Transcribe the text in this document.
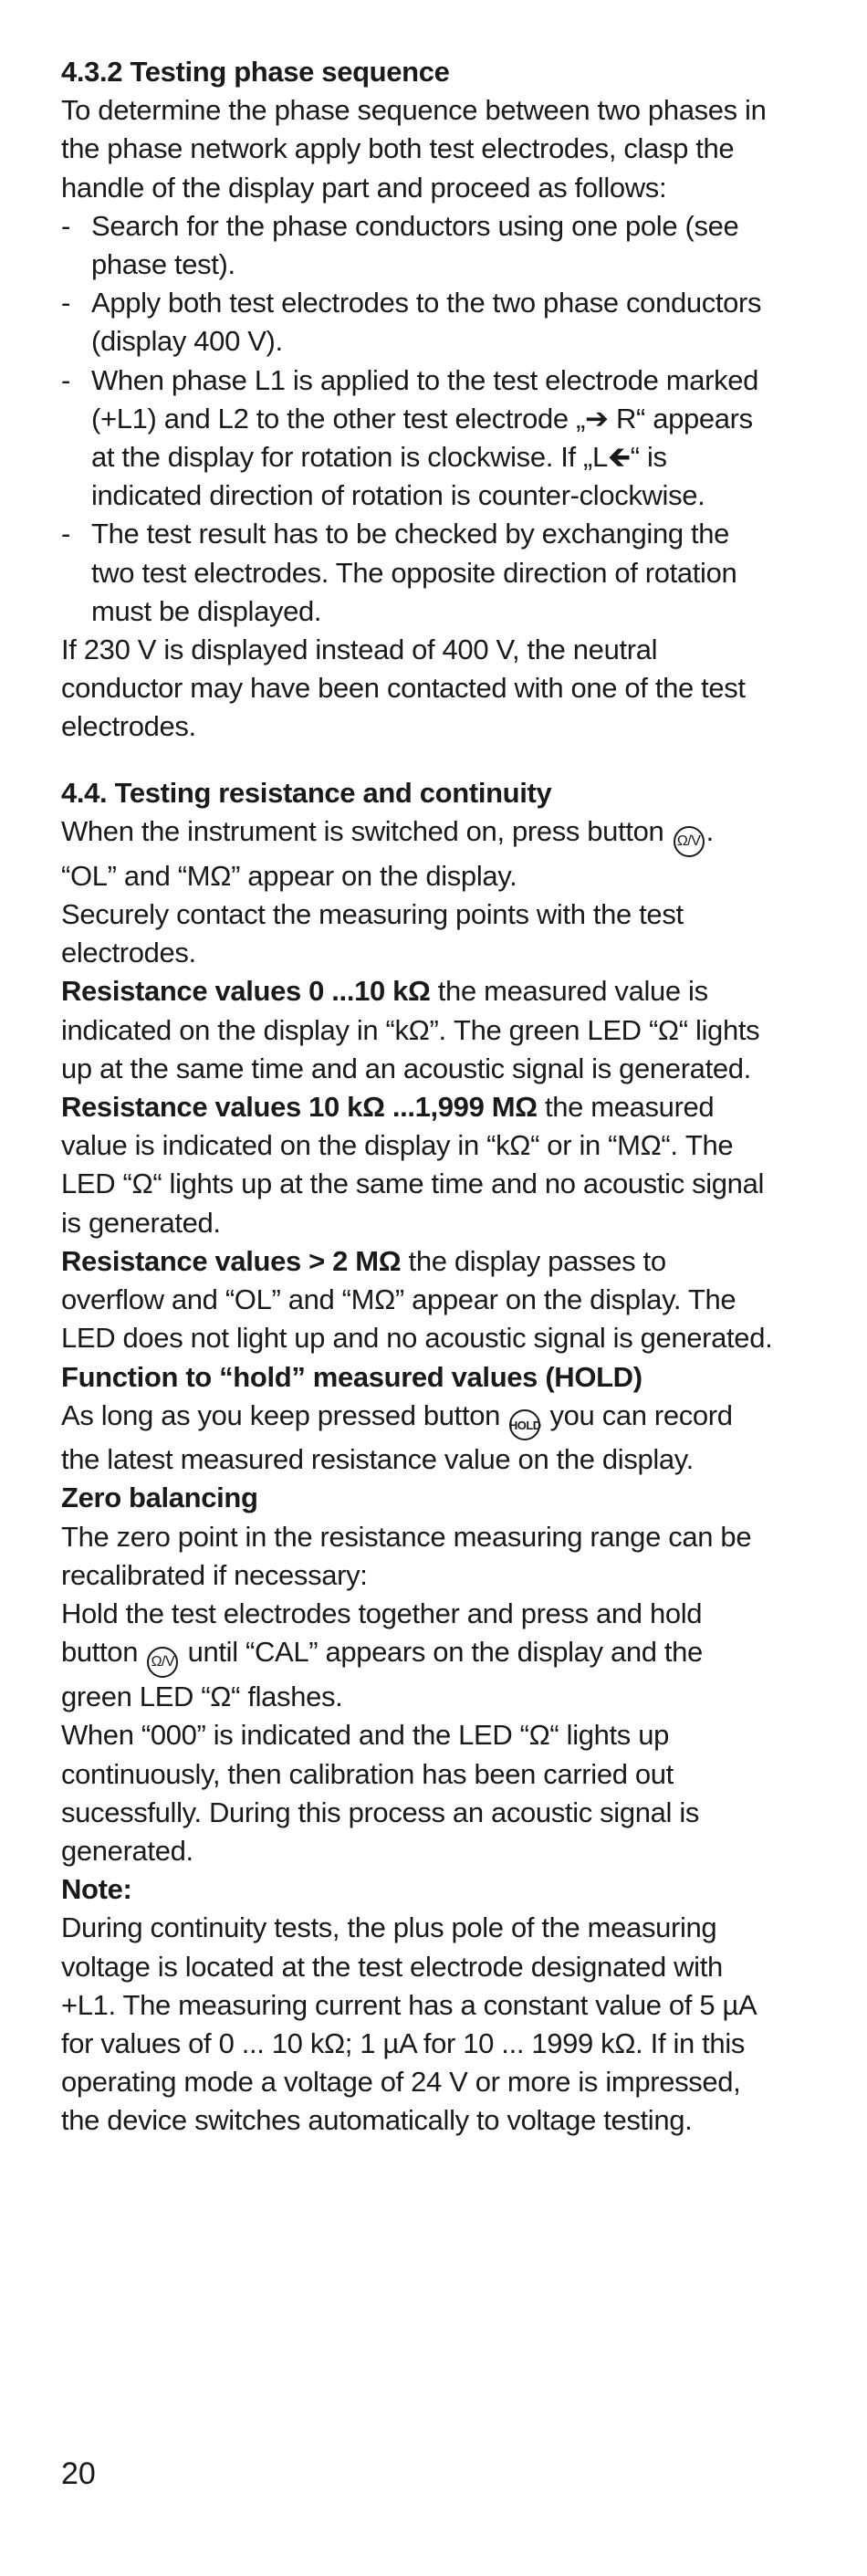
4.3.2 Testing phase sequence
To determine the phase sequence between two phases in the phase network apply both test electrodes, clasp the handle of the display part and proceed as follows:
- Search for the phase conductors using one pole (see phase test).
- Apply both test electrodes to the two phase conductors (display 400 V).
- When phase L1 is applied to the test electrode marked (+L1) and L2 to the other test electrode „➔ R“ appears at the display for rotation is clockwise. If „L🡸“ is indicated direction of rotation is counter-clockwise.
- The test result has to be checked by exchanging the two test electrodes. The opposite direction of rotation must be displayed.
If 230 V is displayed instead of 400 V, the neutral conductor may have been contacted with one of the test electrodes.
4.4. Testing resistance and continuity
When the instrument is switched on, press button Ω/V . “OL” and “MΩ” appear on the display.
Securely contact the measuring points with the test electrodes.
Resistance values 0 ...10 kΩ the measured value is indicated on the display in “kΩ”. The green LED “Ω“ lights up at the same time and an acoustic signal is generated.
Resistance values 10 kΩ ...1,999 MΩ the measured value is indicated on the display in “kΩ“ or in “MΩ“. The LED “Ω“ lights up at the same time and no acoustic signal is generated.
Resistance values > 2 MΩ the display passes to overflow and “OL” and “MΩ” appear on the display. The LED does not light up and no acoustic signal is generated.
Function to “hold” measured values (HOLD)
As long as you keep pressed button HOLD you can record the latest measured resistance value on the display.
Zero balancing
The zero point in the resistance measuring range can be recalibrated if necessary:
Hold the test electrodes together and press and hold button Ω/V until “CAL” appears on the display and the green LED “Ω“ flashes.
When “000” is indicated and the LED “Ω“ lights up continuously, then calibration has been carried out sucessfully. During this process an acoustic signal is generated.
Note:
During continuity tests, the plus pole of the measuring voltage is located at the test electrode designated with +L1. The measuring current has a constant value of 5 µA for values of 0 ... 10 kΩ; 1 µA for 10 ... 1999 kΩ. If in this operating mode a voltage of 24 V or more is impressed, the device switches automatically to voltage testing.
20
